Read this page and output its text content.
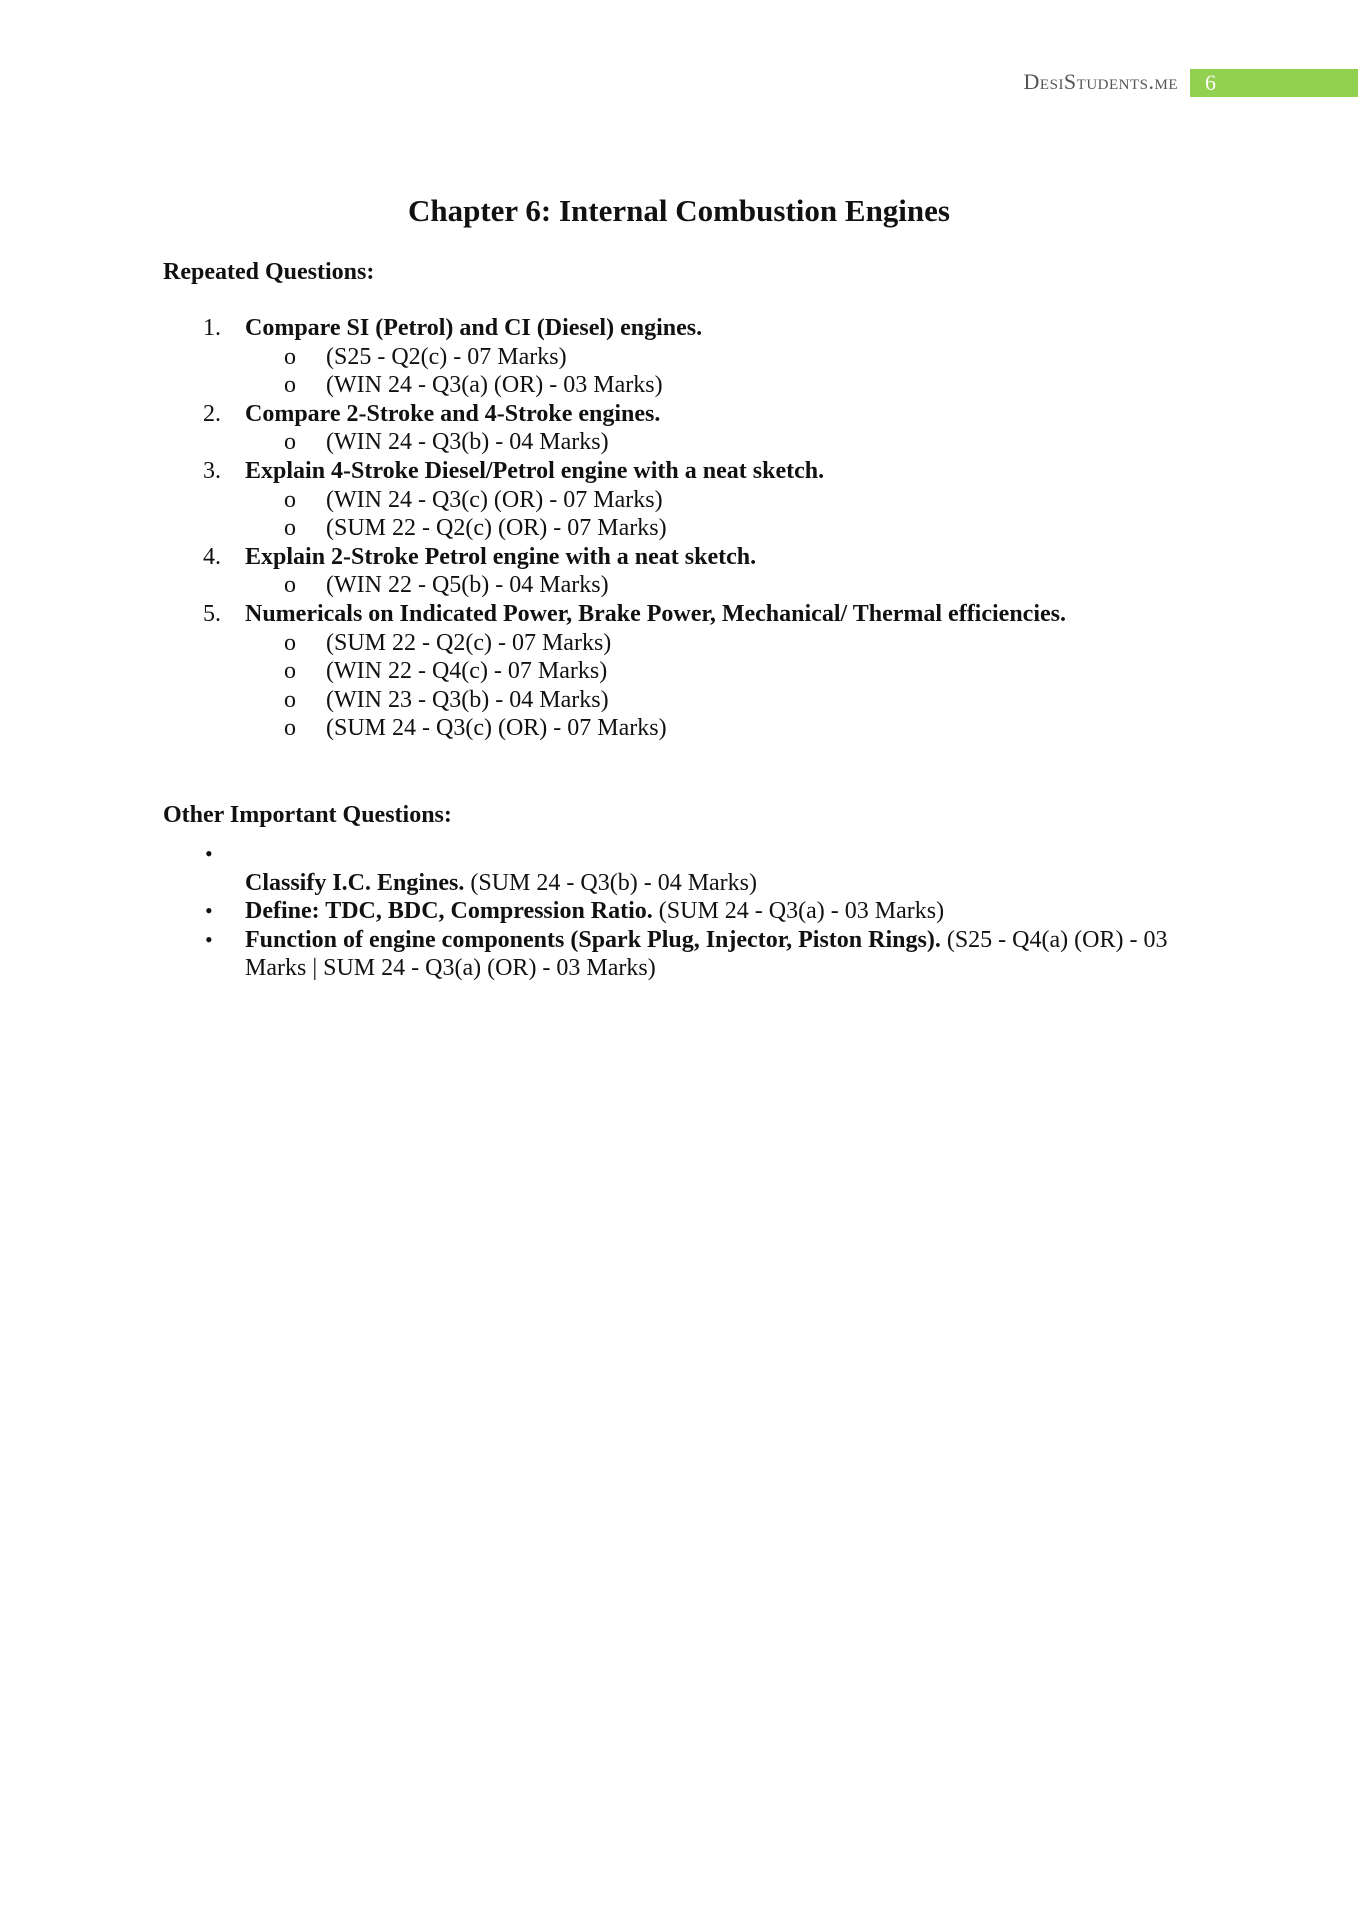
DesiStudents.me 6
Chapter 6: Internal Combustion Engines
Repeated Questions:
1. Compare SI (Petrol) and CI (Diesel) engines.
o (S25 - Q2(c) - 07 Marks)
o (WIN 24 - Q3(a) (OR) - 03 Marks)
2. Compare 2-Stroke and 4-Stroke engines.
o (WIN 24 - Q3(b) - 04 Marks)
3. Explain 4-Stroke Diesel/Petrol engine with a neat sketch.
o (WIN 24 - Q3(c) (OR) - 07 Marks)
o (SUM 22 - Q2(c) (OR) - 07 Marks)
4. Explain 2-Stroke Petrol engine with a neat sketch.
o (WIN 22 - Q5(b) - 04 Marks)
5. Numericals on Indicated Power, Brake Power, Mechanical/ Thermal efficiencies.
o (SUM 22 - Q2(c) - 07 Marks)
o (WIN 22 - Q4(c) - 07 Marks)
o (WIN 23 - Q3(b) - 04 Marks)
o (SUM 24 - Q3(c) (OR) - 07 Marks)
Other Important Questions:
•
Classify I.C. Engines. (SUM 24 - Q3(b) - 04 Marks)
• Define: TDC, BDC, Compression Ratio. (SUM 24 - Q3(a) - 03 Marks)
• Function of engine components (Spark Plug, Injector, Piston Rings). (S25 - Q4(a) (OR) - 03 Marks | SUM 24 - Q3(a) (OR) - 03 Marks)
